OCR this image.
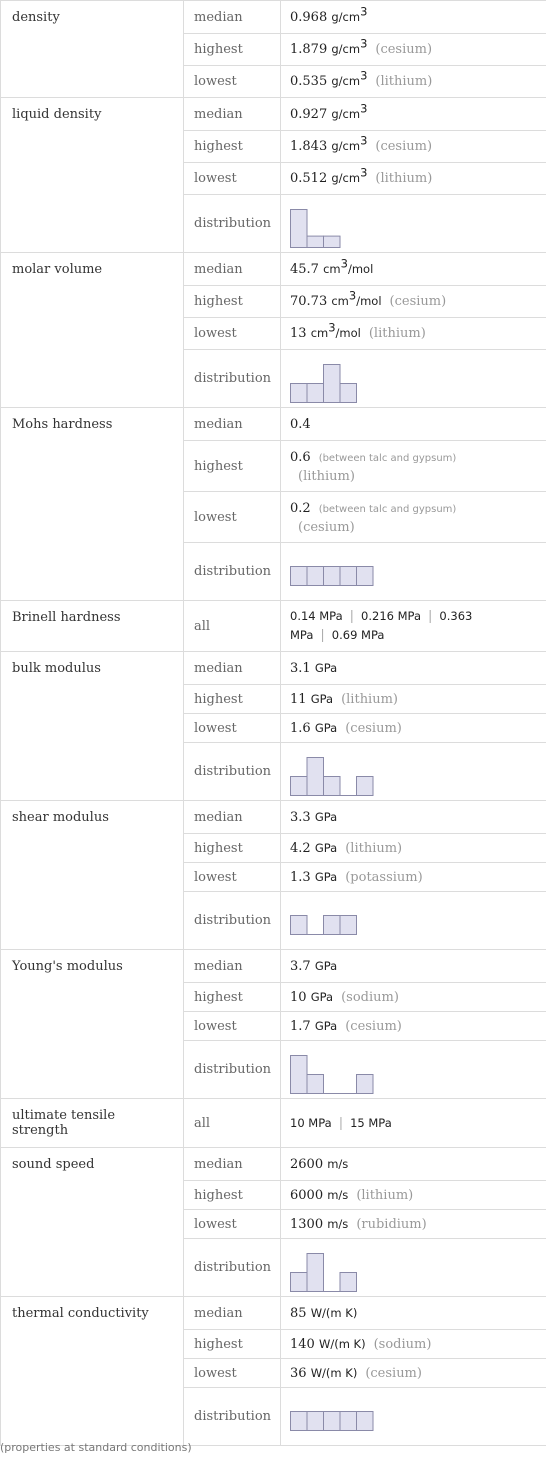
density	median	0.968 $g/cm^3$
	highest	1.879 $g/cm^3$ (cesium)
	lowest	0.535 $g/cm^3$ (lithium)
liquid density	median	0.927 $g/cm^3$
	highest	1.843 $g/cm^3$ (cesium)
	lowest	0.512 $g/cm^3$ (lithium)
	distribution	

molar volume	median	45.7 $cm^3$/mol
	highest	70.73 $cm^3$/mol (cesium)
	lowest	13 $cm^3$/mol (lithium)
	distribution	

Mohs hardness	median	0.4
	highest	0.6 (between talc and gypsum)
(lithium)

	lowest	0.2 (between talc and gypsum)
(cesium)

	distribution	

Brinell hardness	all	0.14 MPa | 0.216 MPa | 0.363 MPa | 0.69 MPa
bulk modulus	median	3.1 GPa
	highest	11 GPa (lithium)
	lowest	1.6 GPa (cesium)
	distribution	

shear modulus	median	3.3 GPa
	highest	4.2 GPa (lithium)
	lowest	1.3 GPa (potassium)
	distribution	

Young's modulus	median	3.7 GPa
	highest	10 GPa (sodium)
	lowest	1.7 GPa (cesium)
	distribution	

ultimate tensile strength	all	10 MPa | 15 MPa
sound speed	median	2600 m/s
	highest	6000 m/s (lithium)
	lowest	1300 m/s (rubidium)
	distribution	

thermal conductivity	median	85 W/(m K)
	highest	140 W/(m K) (sodium)
	lowest	36 W/(m K) (cesium)
	distribution	
(properties at standard conditions)
